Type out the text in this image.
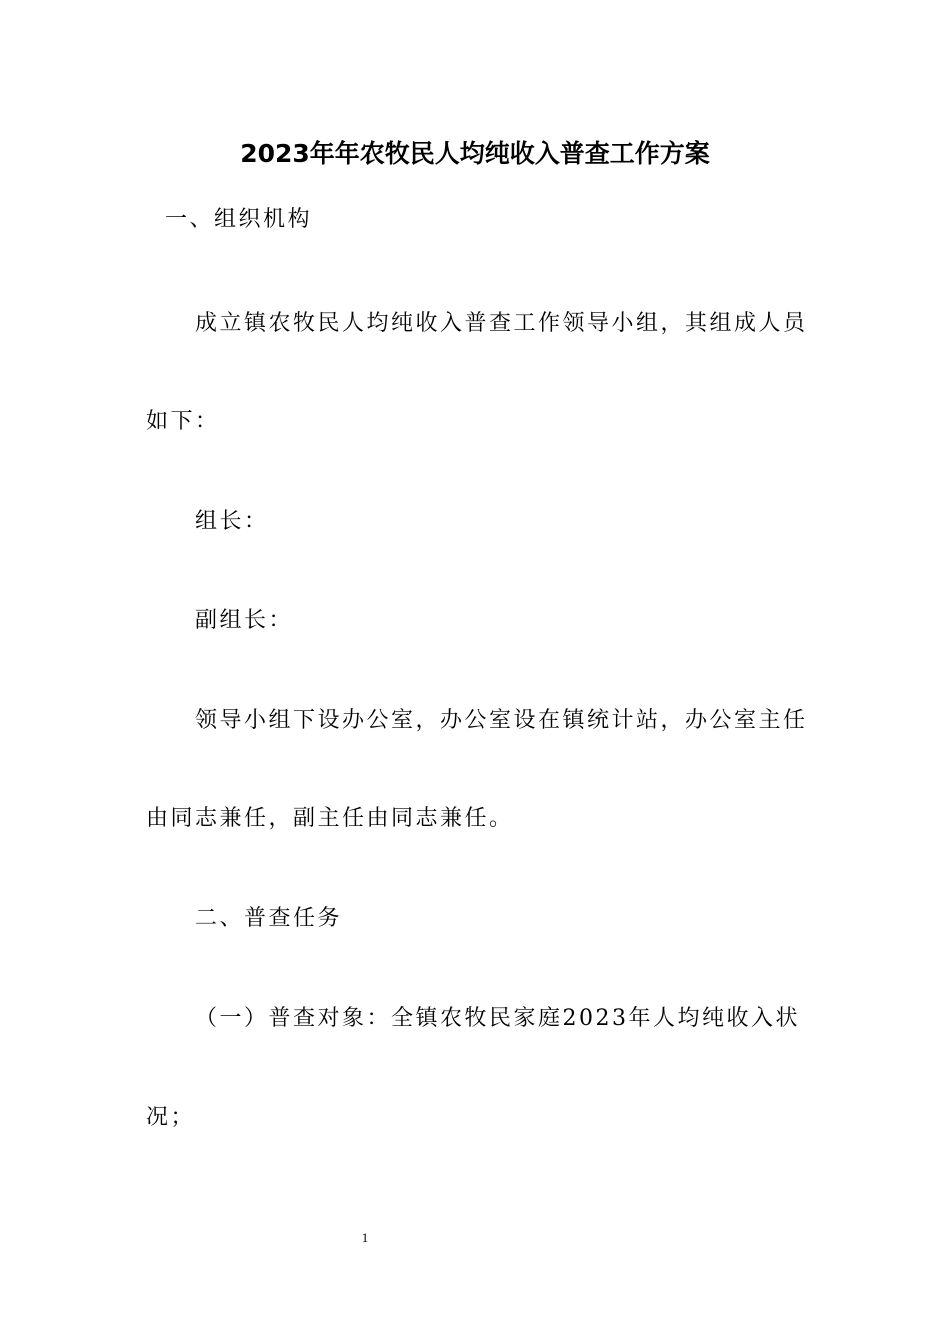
2023年年农牧民人均纯收入普查工作方案
一、组织机构
成立镇农牧民人均纯收入普查工作领导小组，其组成人员
如下：
组长：
副组长：
领导小组下设办公室，办公室设在镇统计站，办公室主任
由同志兼任，副主任由同志兼任。
二、普查任务
（一）普查对象：全镇农牧民家庭2023年人均纯收入状
况；
1
